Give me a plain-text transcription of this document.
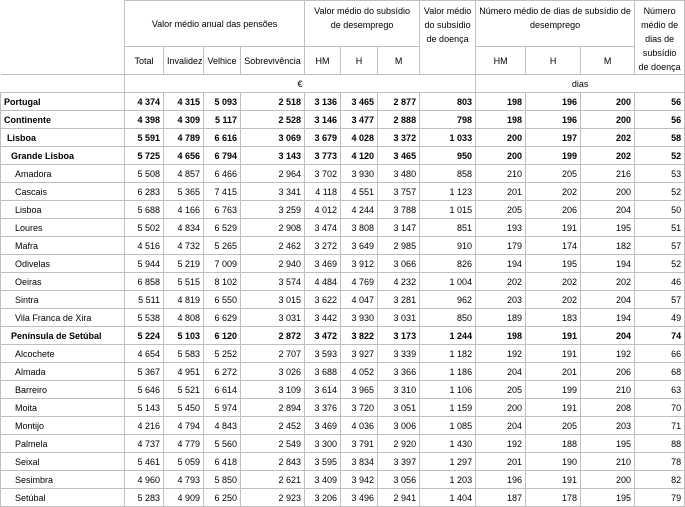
	Valor médio anual das pensões				Valor médio do subsídio de desemprego			Valor médio do subsídio de doença	Número médio de dias de subsídio de desemprego			Número médio de dias de subsídio de doença
	Total	Invalidez	Velhice	Sobrevivência	HM	H	M		HM	H	M	
	€								dias			
Portugal	4 374	4 315	5 093	2 518	3 136	3 465	2 877	803	198	196	200	56
Continente	4 398	4 309	5 117	2 528	3 146	3 477	2 888	798	198	196	200	56
Lisboa	5 591	4 789	6 616	3 069	3 679	4 028	3 372	1 033	200	197	202	58
Grande Lisboa	5 725	4 656	6 794	3 143	3 773	4 120	3 465	950	200	199	202	52
Amadora	5 508	4 857	6 466	2 964	3 702	3 930	3 480	858	210	205	216	53
Cascais	6 283	5 365	7 415	3 341	4 118	4 551	3 757	1 123	201	202	200	52
Lisboa	5 688	4 166	6 763	3 259	4 012	4 244	3 788	1 015	205	206	204	50
Loures	5 502	4 834	6 529	2 908	3 474	3 808	3 147	851	193	191	195	51
Mafra	4 516	4 732	5 265	2 462	3 272	3 649	2 985	910	179	174	182	57
Odivelas	5 944	5 219	7 009	2 940	3 469	3 912	3 066	826	194	195	194	52
Oeiras	6 858	5 515	8 102	3 574	4 484	4 769	4 232	1 004	202	202	202	46
Sintra	5 511	4 819	6 550	3 015	3 622	4 047	3 281	962	203	202	204	57
Vila Franca de Xira	5 538	4 808	6 629	3 031	3 442	3 930	3 031	850	189	183	194	49
Península de Setúbal	5 224	5 103	6 120	2 872	3 472	3 822	3 173	1 244	198	191	204	74
Alcochete	4 654	5 583	5 252	2 707	3 593	3 927	3 339	1 182	192	191	192	66
Almada	5 367	4 951	6 272	3 026	3 688	4 052	3 366	1 186	204	201	206	68
Barreiro	5 646	5 521	6 614	3 109	3 614	3 965	3 310	1 106	205	199	210	63
Moita	5 143	5 450	5 974	2 894	3 376	3 720	3 051	1 159	200	191	208	70
Montijo	4 216	4 794	4 843	2 452	3 469	4 036	3 006	1 085	204	205	203	71
Palmela	4 737	4 779	5 560	2 549	3 300	3 791	2 920	1 430	192	188	195	88
Seixal	5 461	5 059	6 418	2 843	3 595	3 834	3 397	1 297	201	190	210	78
Sesimbra	4 960	4 793	5 850	2 621	3 409	3 942	3 056	1 203	196	191	200	82
Setúbal	5 283	4 909	6 250	2 923	3 206	3 496	2 941	1 404	187	178	195	79
